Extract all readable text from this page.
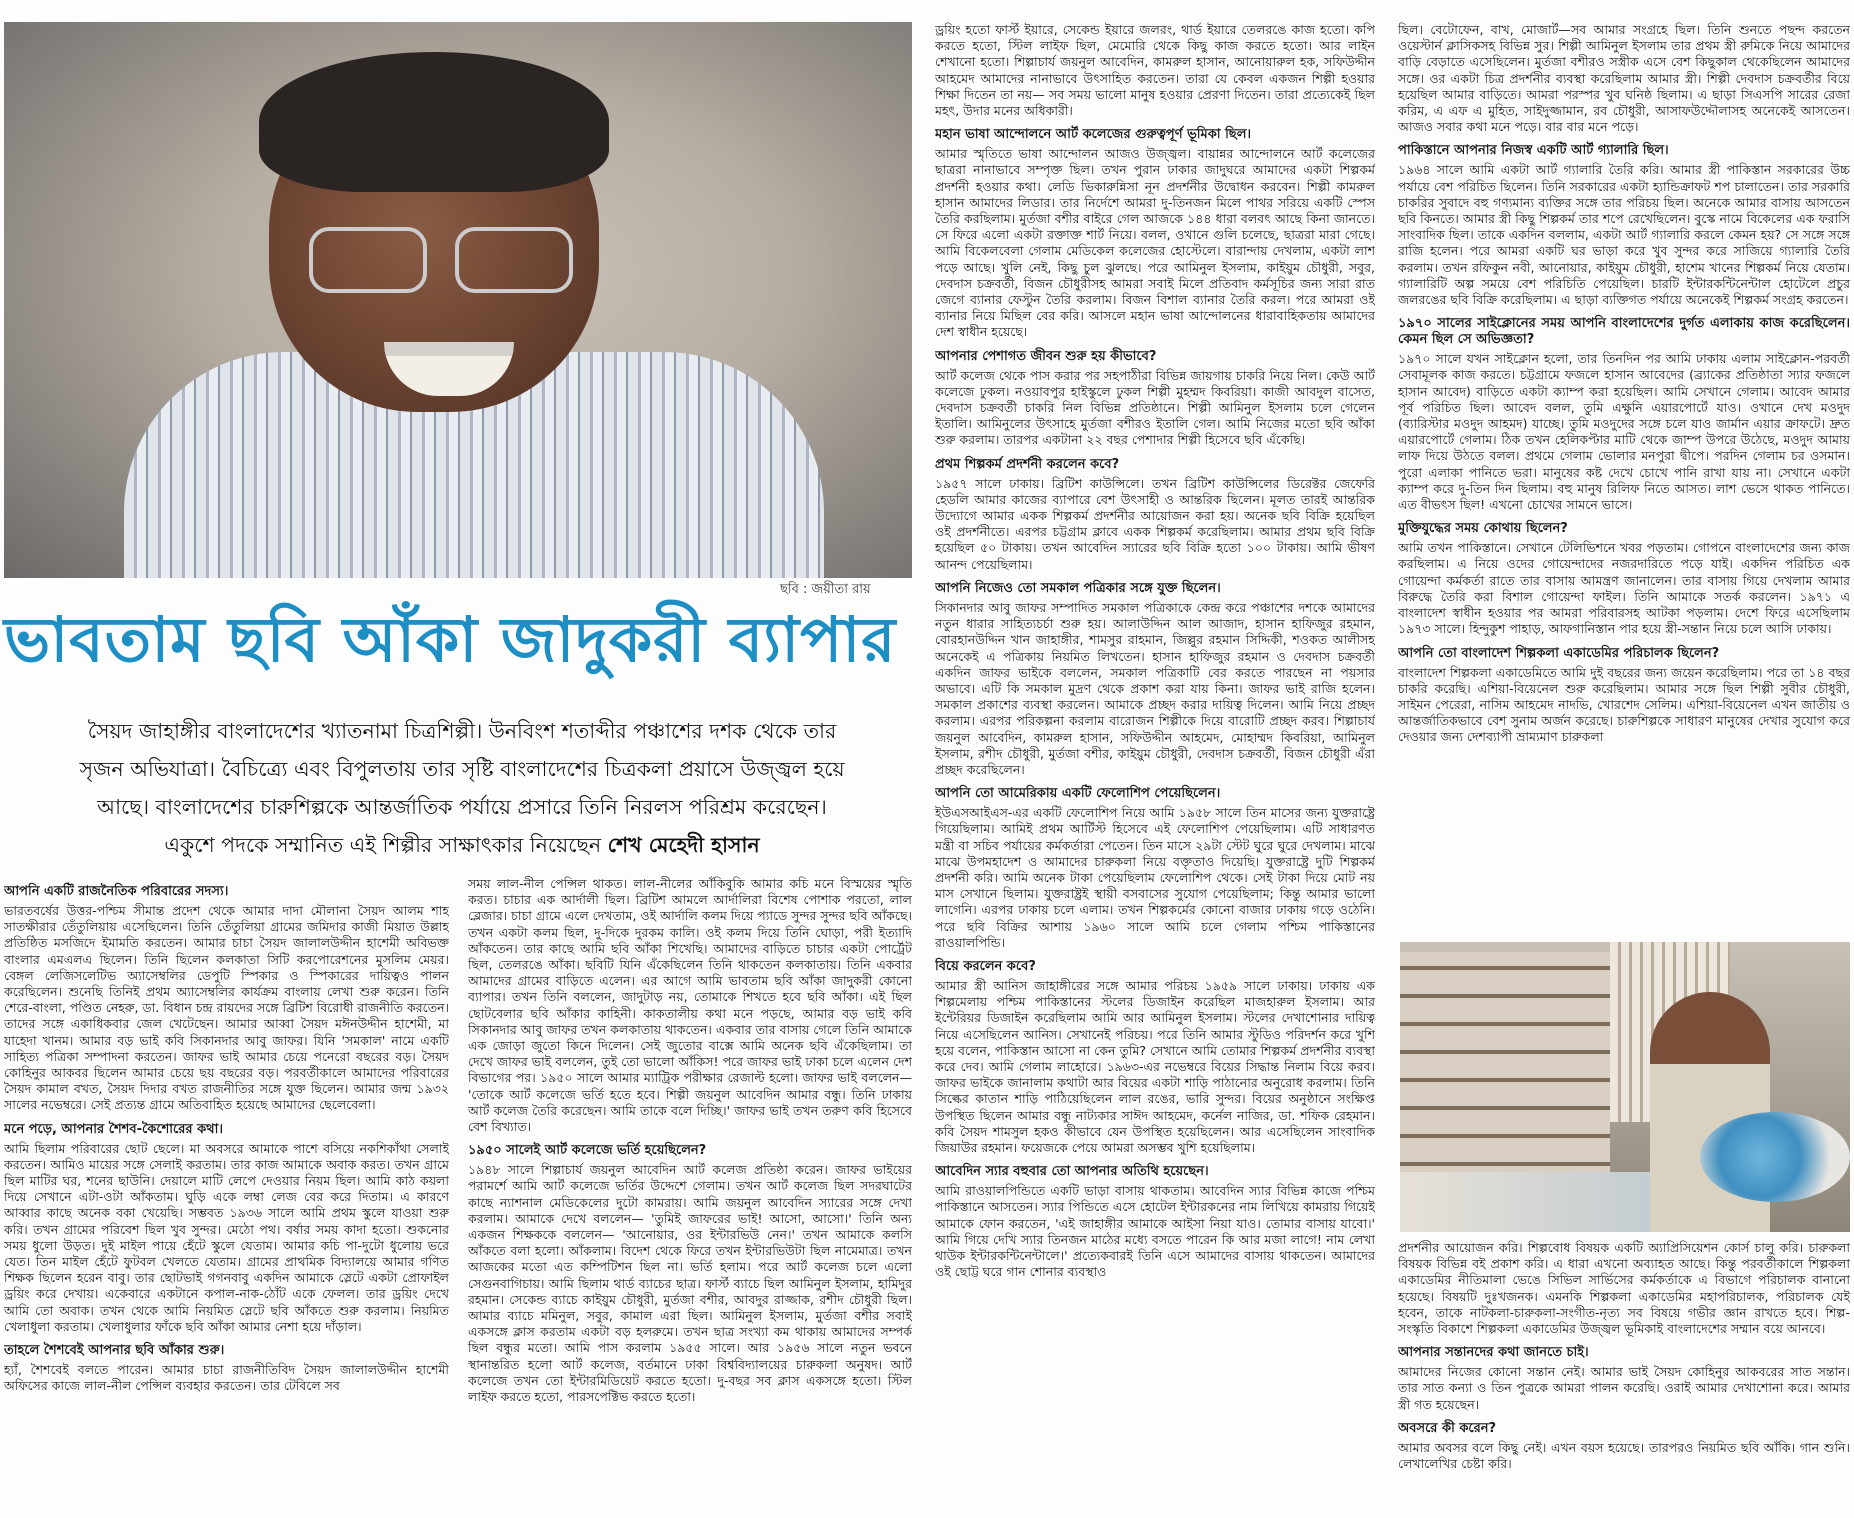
ছবি : জয়ীতা রায়
ভাবতাম ছবি আঁকা জাদুকরী ব্যাপার

সৈয়দ জাহাঙ্গীর বাংলাদেশের খ্যাতনামা চিত্রশিল্পী। উনবিংশ শতাব্দীর পঞ্চাশের দশক থেকে তার

সৃজন অভিযাত্রা। বৈচিত্র্যে এবং বিপুলতায় তার সৃষ্টি বাংলাদেশের চিত্রকলা প্রয়াসে উজ্জ্বল হয়ে

আছে। বাংলাদেশের চারুশিল্পকে আন্তর্জাতিক পর্যায়ে প্রসারে তিনি নিরলস পরিশ্রম করেছেন।

একুশে পদকে সম্মানিত এই শিল্পীর সাক্ষাৎকার নিয়েছেন শেখ মেহেদী হাসান

আপনি একটি রাজনৈতিক পরিবারের সদস্য।

ভারতবর্ষের উত্তর-পশ্চিম সীমান্ত প্রদেশ থেকে আমার দাদা মৌলানা সৈয়দ আলম শাহ সাতক্ষীরার তেঁতুলিয়ায় এসেছিলেন। তিনি তেঁতুলিয়া গ্রামের জমিদার কাজী মিয়াত উল্লাহ প্রতিষ্ঠিত মসজিদে ইমামতি করতেন। আমার চাচা সৈয়দ জালালউদ্দীন হাশেমী অবিভক্ত বাংলার এমএলএ ছিলেন। তিনি ছিলেন কলকাতা সিটি করপোরেশনের মুসলিম মেয়র। বেঙ্গল লেজিসলেটিভ অ্যাসেম্বলির ডেপুটি স্পিকার ও স্পিকারের দায়িত্বও পালন করেছিলেন। শুনেছি তিনিই প্রথম অ্যাসেম্বলির কার্যক্রম বাংলায় লেখা শুরু করেন। তিনি শেরে-বাংলা, পণ্ডিত নেহরু, ডা. বিধান চন্দ্র রায়দের সঙ্গে ব্রিটিশ বিরোধী রাজনীতি করতেন। তাদের সঙ্গে একাধিকবার জেল খেটেছেন। আমার আব্বা সৈয়দ মঈনউদ্দীন হাশেমী, মা যাহেদা খানম। আমার বড় ভাই কবি সিকানদার আবু জাফর। যিনি 'সমকাল' নামে একটি সাহিত্য পত্রিকা সম্পাদনা করতেন। জাফর ভাই আমার চেয়ে পনেরো বছরের বড়। সৈয়দ কোহিনুর আকবর ছিলেন আমার চেয়ে ছয় বছরের বড়। পরবর্তীকালে আমাদের পরিবারের সৈয়দ কামাল বখত, সৈয়দ দিদার বখত রাজনীতির সঙ্গে যুক্ত ছিলেন। আমার জন্ম ১৯৩২ সালের নভেম্বরে। সেই প্রত্যন্ত গ্রামে অতিবাহিত হয়েছে আমাদের ছেলেবেলা।

মনে পড়ে, আপনার শৈশব-কৈশোরের কথা।

আমি ছিলাম পরিবারের ছোট ছেলে। মা অবসরে আমাকে পাশে বসিয়ে নকশিকাঁথা সেলাই করতেন। আমিও মায়ের সঙ্গে সেলাই করতাম। তার কাজ আমাকে অবাক করত। তখন গ্রামে ছিল মাটির ঘর, শনের ছাউনি। দেয়ালে মাটি লেপে দেওয়ার নিয়ম ছিল। আমি কাঠ কয়লা দিয়ে সেখানে এটা-ওটা আঁকতাম। ঘুড়ি একে লম্বা লেজ বের করে দিতাম। এ কারণে আব্বার কাছে অনেক বকা খেয়েছি। সম্ভবত ১৯৩৬ সালে আমি প্রথম স্কুলে যাওয়া শুরু করি। তখন গ্রামের পরিবেশ ছিল খুব সুন্দর। মেঠো পথ। বর্ষার সময় কাদা হতো। শুকনোর সময় ধুলো উড়ত। দুই মাইল পায়ে হেঁটে স্কুলে যেতাম। আমার কচি পা-দুটো ধুলোয় ভরে যেত। তিন মাইল হেঁটে ফুটবল খেলতে যেতাম। গ্রামের প্রাথমিক বিদ্যালয়ে আমার গণিত শিক্ষক ছিলেন হরেন বাবু। তার ছোটভাই গগনবাবু একদিন আমাকে স্লেটে একটা প্রোফাইল ড্রয়িং করে দেখায়। একেবারে একটানে কপাল-নাক-ঠোঁট একে ফেলল। তার ড্রয়িং দেখে আমি তো অবাক। তখন থেকে আমি নিয়মিত স্লেটে ছবি আঁকতে শুরু করলাম। নিয়মিত খেলাধুলা করতাম। খেলাধুলার ফাঁকে ছবি আঁকা আমার নেশা হয়ে দাঁড়াল।

তাহলে শৈশবেই আপনার ছবি আঁকার শুরু।

হ্যাঁ, শৈশবেই বলতে পারেন। আমার চাচা রাজনীতিবিদ সৈয়দ জালালউদ্দীন হাশেমী অফিসের কাজে লাল-নীল পেন্সিল ব্যবহার করতেন। তার টেবিলে সব

সময় লাল-নীল পেন্সিল থাকত। লাল-নীলের আঁকিবুকি আমার কচি মনে বিস্ময়ের স্মৃতি করত। চাচার এক আর্দালী ছিল। ব্রিটিশ আমলে আর্দালিরা বিশেষ পোশাক পরতো, লাল ব্লেজার। চাচা গ্রামে এলে দেখতাম, ওই আর্দালি কলম দিয়ে প্যাডে সুন্দর সুন্দর ছবি আঁকছে। তখন একটা কলম ছিল, দু-দিকে দুরকম কালি। ওই কলম দিয়ে তিনি ঘোড়া, পরী ইত্যাদি আঁকতেন। তার কাছে আমি ছবি আঁকা শিখেছি। আমাদের বাড়িতে চাচার একটা পোর্ট্রেট ছিল, তেলরঙে আঁকা। ছবিটি যিনি এঁকেছিলেন তিনি থাকতেন কলকাতায়। তিনি একবার আমাদের গ্রামের বাড়িতে এলেন। এর আগে আমি ভাবতাম ছবি আঁকা জাদুকরী কোনো ব্যাপার। তখন তিনি বললেন, জাদুটাড় নয়, তোমাকে শিখতে হবে ছবি আঁকা। এই ছিল ছোটবেলার ছবি আঁকার কাহিনী। কাকতালীয় কথা মনে পড়ছে, আমার বড় ভাই কবি সিকানদার আবু জাফর তখন কলকাতায় থাকতেন। একবার তার বাসায় গেলে তিনি আমাকে এক জোড়া জুতো কিনে দিলেন। সেই জুতোর বাক্সে আমি অনেক ছবি এঁকেছিলাম। তা দেখে জাফর ভাই বললেন, তুই তো ভালো আঁকিস! পরে জাফর ভাই ঢাকা চলে এলেন দেশ বিভাগের পর। ১৯৫০ সালে আমার ম্যাট্রিক পরীক্ষার রেজাল্ট হলো। জাফর ভাই বললেন— 'তোকে আর্ট কলেজে ভর্তি হতে হবে। শিল্পী জয়নুল আবেদিন আমার বন্ধু। তিনি ঢাকায় আর্ট কলেজ তৈরি করেছেন। আমি তাকে বলে দিচ্ছি।' জাফর ভাই তখন তরুণ কবি হিসেবে বেশ বিখ্যাত।

১৯৫০ সালেই আর্ট কলেজে ভর্তি হয়েছিলেন?

১৯৪৮ সালে শিল্পাচার্য জয়নুল আবেদিন আর্ট কলেজ প্রতিষ্ঠা করেন। জাফর ভাইয়ের পরামর্শে আমি আর্ট কলেজে ভর্তির উদ্দেশে গেলাম। তখন আর্ট কলেজ ছিল সদরঘাটের কাছে ন্যাশনাল মেডিকেলের দুটো কামরায়। আমি জয়নুল আবেদিন স্যারের সঙ্গে দেখা করলাম। আমাকে দেখে বললেন— 'তুমিই জাফরের ভাই! আসো, আসো।' তিনি অন্য একজন শিক্ষককে বললেন— 'আনোয়ার, ওর ইন্টারভিউ নেন।' তখন আমাকে কলসি আঁকতে বলা হলো। আঁকলাম। বিদেশ থেকে ফিরে তখন ইন্টারভিউটা ছিল নামেমাত্র। তখন আজকের মতো এত কম্পিটিশন ছিল না। ভর্তি হলাম। পরে আর্ট কলেজ চলে এলো সেগুনবাগিচায়। আমি ছিলাম থার্ড ব্যাচের ছাত্র। ফার্স্ট ব্যাচে ছিল আমিনুল ইসলাম, হামিদুর রহমান। সেকেন্ড ব্যাচে কাইয়ুম চৌধুরী, মুর্তজা বশীর, আবদুর রাজ্জাক, রশীদ চৌধুরী ছিল। আমার ব্যাচে মমিনুল, সবুর, কামাল এরা ছিল। আমিনুল ইসলাম, মুর্তজা বশীর সবাই একসঙ্গে ক্লাস করতাম একটা বড় হলরুমে। তখন ছাত্র সংখ্যা কম থাকায় আমাদের সম্পর্ক ছিল বন্ধুর মতো। আমি পাস করলাম ১৯৫৫ সালে। আর ১৯৫৬ সালে নতুন ভবনে স্থানান্তরিত হলো আর্ট কলেজ, বর্তমানে ঢাকা বিশ্ববিদ্যালয়ের চারুকলা অনুষদ। আর্ট কলেজে তখন তো ইন্টারমিডিয়েট করতে হতো। দু-বছর সব ক্লাস একসঙ্গে হতো। স্টিল লাইফ করতে হতো, পারসপেক্টিভ করতে হতো।

ড্রয়িং হতো ফার্স্ট ইয়ারে, সেকেন্ড ইয়ারে জলরং, থার্ড ইয়ারে তেলরঙে কাজ হতো। কপি করতে হতো, স্টিল লাইফ ছিল, মেমোরি থেকে কিছু কাজ করতে হতো। আর লাইন শেখানো হতো। শিল্পাচার্য জয়নুল আবেদিন, কামরুল হাসান, আনোয়ারুল হক, সফিউদ্দীন আহমেদ আমাদের নানাভাবে উৎসাহিত করতেন। তারা যে কেবল একজন শিল্পী হওয়ার শিক্ষা দিতেন তা নয়— সব সময় ভালো মানুষ হওয়ার প্রেরণা দিতেন। তারা প্রত্যেকেই ছিল মহৎ, উদার মনের অধিকারী।

মহান ভাষা আন্দোলনে আর্ট কলেজের গুরুত্বপূর্ণ ভূমিকা ছিল।

আমার স্মৃতিতে ভাষা আন্দোলন আজও উজ্জ্বল। বায়ান্নর আন্দোলনে আর্ট কলেজের ছাত্ররা নানাভাবে সম্পৃক্ত ছিল। তখন পুরান ঢাকার জাদুঘরে আমাদের একটা শিল্পকর্ম প্রদর্শনী হওয়ার কথা। লেডি ভিকারুন্নিসা নূন প্রদর্শনীর উদ্বোধন করবেন। শিল্পী কামরুল হাসান আমাদের লিডার। তার নির্দেশে আমরা দু-তিনজন মিলে পাথর সরিয়ে একটি স্পেস তৈরি করছিলাম। মুর্তজা বশীর বাইরে গেল আজকে ১৪৪ ধারা বলবৎ আছে কিনা জানতে। সে ফিরে এলো একটা রক্তাক্ত শার্ট নিয়ে। বলল, ওখানে গুলি চলেছে, ছাত্ররা মারা গেছে। আমি বিকেলবেলা গেলাম মেডিকেল কলেজের হোস্টেলে। বারান্দায় দেখলাম, একটা লাশ পড়ে আছে। খুলি নেই, কিছু চুল ঝুলছে। পরে আমিনুল ইসলাম, কাইয়ুম চৌধুরী, সবুর, দেবদাস চক্রবর্তী, বিজন চৌধুরীসহ আমরা সবাই মিলে প্রতিবাদ কর্মসূচির জন্য সারা রাত জেগে ব্যানার ফেস্টুন তৈরি করলাম। বিজন বিশাল ব্যানার তৈরি করল। পরে আমরা ওই ব্যানার নিয়ে মিছিল বের করি। আসলে মহান ভাষা আন্দোলনের ধারাবাহিকতায় আমাদের দেশ স্বাধীন হয়েছে।

আপনার পেশাগত জীবন শুরু হয় কীভাবে?

আর্ট কলেজ থেকে পাস করার পর সহপাঠীরা বিভিন্ন জায়গায় চাকরি নিয়ে নিল। কেউ আর্ট কলেজে ঢুকল। নওয়াবপুর হাইস্কুলে ঢুকল শিল্পী মুহম্মদ কিবরিয়া। কাজী আবদুল বাসেত, দেবদাস চক্রবর্তী চাকরি নিল বিভিন্ন প্রতিষ্ঠানে। শিল্পী আমিনুল ইসলাম চলে গেলেন ইতালি। আমিনুলের উৎসাহে মুর্তজা বশীরও ইতালি গেল। আমি নিজের মতো ছবি আঁকা শুরু করলাম। তারপর একটানা ২২ বছর পেশাদার শিল্পী হিসেবে ছবি এঁকেছি।

প্রথম শিল্পকর্ম প্রদর্শনী করলেন কবে?

১৯৫৭ সালে ঢাকায়। ব্রিটিশ কাউন্সিলে। তখন ব্রিটিশ কাউন্সিলের ডিরেক্টর জেফেরি হেডলি আমার কাজের ব্যাপারে বেশ উৎসাহী ও আন্তরিক ছিলেন। মূলত তারই আন্তরিক উদ্যোগে আমার একক শিল্পকর্ম প্রদর্শনীর আয়োজন করা হয়। অনেক ছবি বিক্রি হয়েছিল ওই প্রদর্শনীতে। এরপর চট্টগ্রাম ক্লাবে একক শিল্পকর্ম করেছিলাম। আমার প্রথম ছবি বিক্রি হয়েছিল ৫০ টাকায়। তখন আবেদিন স্যারের ছবি বিক্রি হতো ১০০ টাকায়। আমি ভীষণ আনন্দ পেয়েছিলাম।

আপনি নিজেও তো সমকাল পত্রিকার সঙ্গে যুক্ত ছিলেন।

সিকানদার আবু জাফর সম্পাদিত সমকাল পত্রিকাকে কেন্দ্র করে পঞ্চাশের দশকে আমাদের নতুন ধারার সাহিত্যচর্চা শুরু হয়। আলাউদ্দিন আল আজাদ, হাসান হাফিজুর রহমান, বোরহানউদ্দিন খান জাহাঙ্গীর, শামসুর রাহমান, জিল্লুর রহমান সিদ্দিকী, শওকত আলীসহ অনেকেই এ পত্রিকায় নিয়মিত লিখতেন। হাসান হাফিজুর রহমান ও দেবদাস চক্রবর্তী একদিন জাফর ভাইকে বললেন, সমকাল পত্রিকাটি বের করতে পারছেন না পয়সার অভাবে। এটি কি সমকাল মুদ্রণ থেকে প্রকাশ করা যায় কিনা। জাফর ভাই রাজি হলেন। সমকাল প্রকাশের ব্যবস্থা করলেন। আমাকে প্রচ্ছদ করার দায়িত্ব দিলেন। আমি নিয়ে প্রচ্ছদ করলাম। এরপর পরিকল্পনা করলাম বারোজন শিল্পীকে দিয়ে বারোটি প্রচ্ছদ করব। শিল্পাচার্য জয়নুল আবেদিন, কামরুল হাসান, সফিউদ্দীন আহমেদ, মোহাম্মদ কিবরিয়া, আমিনুল ইসলাম, রশীদ চৌধুরী, মুর্তজা বশীর, কাইয়ুম চৌধুরী, দেবদাস চক্রবর্তী, বিজন চৌধুরী এঁরা প্রচ্ছদ করেছিলেন।

আপনি তো আমেরিকায় একটি ফেলোশিপ পেয়েছিলেন।

ইউএসআইএস-এর একটি ফেলোশিপ নিয়ে আমি ১৯৫৮ সালে তিন মাসের জন্য যুক্তরাষ্ট্রে গিয়েছিলাম। আমিই প্রথম আর্টিস্ট হিসেবে এই ফেলোশিপ পেয়েছিলাম। এটি সাধারণত মন্ত্রী বা সচিব পর্যায়ের কর্মকর্তারা পেতেন। তিন মাসে ২৯টা স্টেট ঘুরে ঘুরে দেখলাম। মাঝে মাঝে উপমহাদেশ ও আমাদের চারুকলা নিয়ে বক্তৃতাও দিয়েছি। যুক্তরাষ্ট্রে দুটি শিল্পকর্ম প্রদর্শনী করি। আমি অনেক টাকা পেয়েছিলাম ফেলোশিপ থেকে। সেই টাকা দিয়ে মোট নয় মাস সেখানে ছিলাম। যুক্তরাষ্ট্রই স্থায়ী বসবাসের সুযোগ পেয়েছিলাম; কিন্তু আমার ভালো লাগেনি। এরপর ঢাকায় চলে এলাম। তখন শিল্পকর্মের কোনো বাজার ঢাকায় গড়ে ওঠেনি। পরে ছবি বিক্রির আশায় ১৯৬০ সালে আমি চলে গেলাম পশ্চিম পাকিস্তানের রাওয়ালপিন্ডি।

বিয়ে করলেন কবে?

আমার স্ত্রী আনিস জাহাঙ্গীরের সঙ্গে আমার পরিচয় ১৯৫৯ সালে ঢাকায়। ঢাকায় এক শিল্পমেলায় পশ্চিম পাকিস্তানের স্টলের ডিজাইন করেছিল মাজহারুল ইসলাম। আর ইন্টেরিয়র ডিজাইন করেছিলাম আমি আর আমিনুল ইসলাম। স্টলের দেখাশোনার দায়িত্ব নিয়ে এসেছিলেন আনিস। সেখানেই পরিচয়। পরে তিনি আমার স্টুডিও পরিদর্শন করে খুশি হয়ে বলেন, পাকিস্তান আসো না কেন তুমি? সেখানে আমি তোমার শিল্পকর্ম প্রদর্শনীর ব্যবস্থা করে দেব। আমি গেলাম লাহোরে। ১৯৬৩-এর নভেম্বরে বিয়ের সিদ্ধান্ত নিলাম বিয়ে করব। জাফর ভাইকে জানালাম কথাটা আর বিয়ের একটা শাড়ি পাঠানোর অনুরোধ করলাম। তিনি সিল্কের কাতান শাড়ি পাঠিয়েছিলেন লাল রঙের, ভারি সুন্দর। বিয়ের অনুষ্ঠানে সংক্ষিপ্ত উপস্থিত ছিলেন আমার বন্ধু নাট্যকার সাঈদ আহমেদ, কর্নেল নাজির, ডা. শফিক রেহমান। কবি সৈয়দ শামসুল হকও কীভাবে যেন উপস্থিত হয়েছিলেন। আর এসেছিলেন সাংবাদিক জিয়াউর রহমান। ফয়েজকে পেয়ে আমরা অসম্ভব খুশি হয়েছিলাম।

আবেদিন স্যার বহুবার তো আপনার অতিথি হয়েছেন।

আমি রাওয়ালপিন্ডিতে একটি ভাড়া বাসায় থাকতাম। আবেদিন স্যার বিভিন্ন কাজে পশ্চিম পাকিস্তানে আসতেন। স্যার পিন্ডিতে এসে হোটেল ইন্টারকনের নাম লিখিয়ে কামরায় গিয়েই আমাকে ফোন করতেন, 'এই জাহাঙ্গীর আমাকে আইসা নিয়া যাও। তোমার বাসায় যাবো।' আমি গিয়ে দেখি স্যার তিনজন মাঠের মধ্যে বসতে পারেন কি আর মজা লাগে! নাম লেখা থাউক ইন্টারকন্টিনেন্টালে।' প্রত্যেকবারই তিনি এসে আমাদের বাসায় থাকতেন। আমাদের ওই ছোট্ট ঘরে গান শোনার ব্যবস্থাও

ছিল। বেটোফেন, বাখ, মোজার্ট—সব আমার সংগ্রহে ছিল। তিনি শুনতে পছন্দ করতেন ওয়েস্টার্ন ক্লাসিকসহ বিভিন্ন সুর। শিল্পী আমিনুল ইসলাম তার প্রথম স্ত্রী রুমিকে নিয়ে আমাদের বাড়ি বেড়াতে এসেছিলেন। মুর্তজা বশীরও সস্ত্রীক এসে বেশ কিছুকাল থেকেছিলেন আমাদের সঙ্গে। ওর একটা চিত্র প্রদর্শনীর ব্যবস্থা করেছিলাম আমার স্ত্রী। শিল্পী দেবদাস চক্রবর্তীর বিয়ে হয়েছিল আমার বাড়িতে। আমরা পরস্পর খুব ঘনিষ্ঠ ছিলাম। এ ছাড়া সিএসপি সারের রেজা করিম, এ এফ এ মুহিত, সাইদুজ্জামান, রব চৌধুরী, আসাফউদ্দৌলাসহ অনেকেই আসতেন। আজও সবার কথা মনে পড়ে। বার বার মনে পড়ে।

পাকিস্তানে আপনার নিজস্ব একটি আর্ট গ্যালারি ছিল।

১৯৬৪ সালে আমি একটা আর্ট গ্যালারি তৈরি করি। আমার স্ত্রী পাকিস্তান সরকারের উচ্চ পর্যায়ে বেশ পরিচিত ছিলেন। তিনি সরকারের একটা হ্যান্ডিক্রাফট শপ চালাতেন। তার সরকারি চাকরির সুবাদে বহু গণ্যমান্য ব্যক্তির সঙ্গে তার পরিচয় ছিল। অনেকে আমার বাসায় আসতেন ছবি কিনতে। আমার স্ত্রী কিছু শিল্পকর্ম তার শপে রেখেছিলেন। বুস্কে নামে বিকেলের এক ফরাসি সাংবাদিক ছিল। তাকে একদিন বললাম, একটা আর্ট গ্যালারি করলে কেমন হয়? সে সঙ্গে সঙ্গে রাজি হলেন। পরে আমরা একটি ঘর ভাড়া করে খুব সুন্দর করে সাজিয়ে গ্যালারি তৈরি করলাম। তখন রফিকুন নবী, আনোয়ার, কাইয়ুম চৌধুরী, হাশেম খানের শিল্পকর্ম নিয়ে যেতাম। গ্যালারিটি অল্প সময়ে বেশ পরিচিতি পেয়েছিল। চারটি ইন্টারকন্টিনেন্টাল হোটেলে প্রচুর জলরঙের ছবি বিক্রি করেছিলাম। এ ছাড়া ব্যক্তিগত পর্যায়ে অনেকেই শিল্পকর্ম সংগ্রহ করতেন।

১৯৭০ সালের সাইক্লোনের সময় আপনি বাংলাদেশের দুর্গত এলাকায় কাজ করেছিলেন। কেমন ছিল সে অভিজ্ঞতা?

১৯৭০ সালে যখন সাইক্লোন হলো, তার তিনদিন পর আমি ঢাকায় এলাম সাইক্লোন-পরবর্তী সেবামূলক কাজ করতে। চট্টগ্রামে ফজলে হাসান আবেদের (ব্র্যাকের প্রতিষ্ঠাতা স্যার ফজলে হাসান আবেদ) বাড়িতে একটা ক্যাম্প করা হয়েছিল। আমি সেখানে গেলাম। আবেদ আমার পূর্ব পরিচিত ছিল। আবেদ বলল, তুমি এক্ষুনি এয়ারপোর্টে যাও। ওখানে দেখ মওদুদ (ব্যারিস্টার মওদুদ আহমদ) যাচ্ছে। তুমি মওদুদের সঙ্গে চলে যাও জার্মান এয়ার ক্রাফটে। দ্রুত এয়ারপোর্টে গেলাম। ঠিক তখন হেলিকপ্টার মাটি থেকে জাম্প উপরে উঠেছে, মওদুদ আমায় লাফ দিয়ে উঠতে বলল। প্রথমে গেলাম ভোলার মনপুরা দ্বীপে। পরদিন গেলাম চর ওসমান। পুরো এলাকা পানিতে ভরা। মানুষের কষ্ট দেখে চোখে পানি রাখা যায় না। সেখানে একটা ক্যাম্প করে দু-তিন দিন ছিলাম। বহু মানুষ রিলিফ নিতে আসত। লাশ ভেসে থাকত পানিতে। এত বীভৎস ছিল! এখনো চোখের সামনে ভাসে।

মুক্তিযুদ্ধের সময় কোথায় ছিলেন?

আমি তখন পাকিস্তানে। সেখানে টেলিভিশনে খবর পড়তাম। গোপনে বাংলাদেশের জন্য কাজ করছিলাম। এ নিয়ে ওদের গোয়েন্দাদের নজরদারিতে পড়ে যাই। একদিন পরিচিত এক গোয়েন্দা কর্মকর্তা রাতে তার বাসায় আমন্ত্রণ জানালেন। তার বাসায় গিয়ে দেখলাম আমার বিরুদ্ধে তৈরি করা বিশাল গোয়েন্দা ফাইল। তিনি আমাকে সতর্ক করলেন। ১৯৭১ এ বাংলাদেশ স্বাধীন হওয়ার পর আমরা পরিবারসহ আটকা পড়লাম। দেশে ফিরে এসেছিলাম ১৯৭৩ সালে। হিন্দুকুশ পাহাড়, আফগানিস্তান পার হয়ে স্ত্রী-সন্তান নিয়ে চলে আসি ঢাকায়।

আপনি তো বাংলাদেশ শিল্পকলা একাডেমির পরিচালক ছিলেন?

বাংলাদেশ শিল্পকলা একাডেমিতে আমি দুই বছরের জন্য জয়েন করেছিলাম। পরে তা ১৪ বছর চাকরি করেছি। এশিয়া-বিয়েনেল শুরু করেছিলাম। আমার সঙ্গে ছিল শিল্পী সুবীর চৌধুরী, সাইমন পেরেরা, নাসিম আহমেদ নাদভি, খোরশেদ সেলিম। এশিয়া-বিয়েনেল এখন জাতীয় ও আন্তর্জাতিকভাবে বেশ সুনাম অর্জন করেছে। চারুশিল্পকে সাধারণ মানুষের দেখার সুযোগ করে দেওয়ার জন্য দেশব্যাপী ভ্রাম্যমাণ চারুকলা

প্রদর্শনীর আয়োজন করি। শিল্পবোধ বিষয়ক একটি অ্যাপ্রিসিয়েশন কোর্স চালু করি। চারুকলা বিষয়ক বিভিন্ন বই প্রকাশ করি। এ ধারা এখনো অব্যাহত আছে। কিন্তু পরবর্তীকালে শিল্পকলা একাডেমির নীতিমালা ভেঙে সিভিল সার্ভিসের কর্মকর্তাকে এ বিভাগে পরিচালক বানানো হয়েছে। বিষয়টি দুঃখজনক। এমনকি শিল্পকলা একাডেমির মহাপরিচালক, পরিচালক যেই হবেন, তাকে নাটকলা-চারুকলা-সংগীত-নৃত্য সব বিষয়ে গভীর জ্ঞান রাখতে হবে। শিল্প-সংস্কৃতি বিকাশে শিল্পকলা একাডেমির উজ্জ্বল ভূমিকাই বাংলাদেশের সম্মান বয়ে আনবে।

আপনার সন্তানদের কথা জানতে চাই।

আমাদের নিজের কোনো সন্তান নেই। আমার ভাই সৈয়দ কোহিনুর আকবরের সাত সন্তান। তার সাত কন্যা ও তিন পুত্রকে আমরা পালন করেছি। ওরাই আমার দেখাশোনা করে। আমার স্ত্রী গত হয়েছেন।

অবসরে কী করেন?

আমার অবসর বলে কিছু নেই। এখন বয়স হয়েছে। তারপরও নিয়মিত ছবি আঁকি। গান শুনি। লেখালেখির চেষ্টা করি।
